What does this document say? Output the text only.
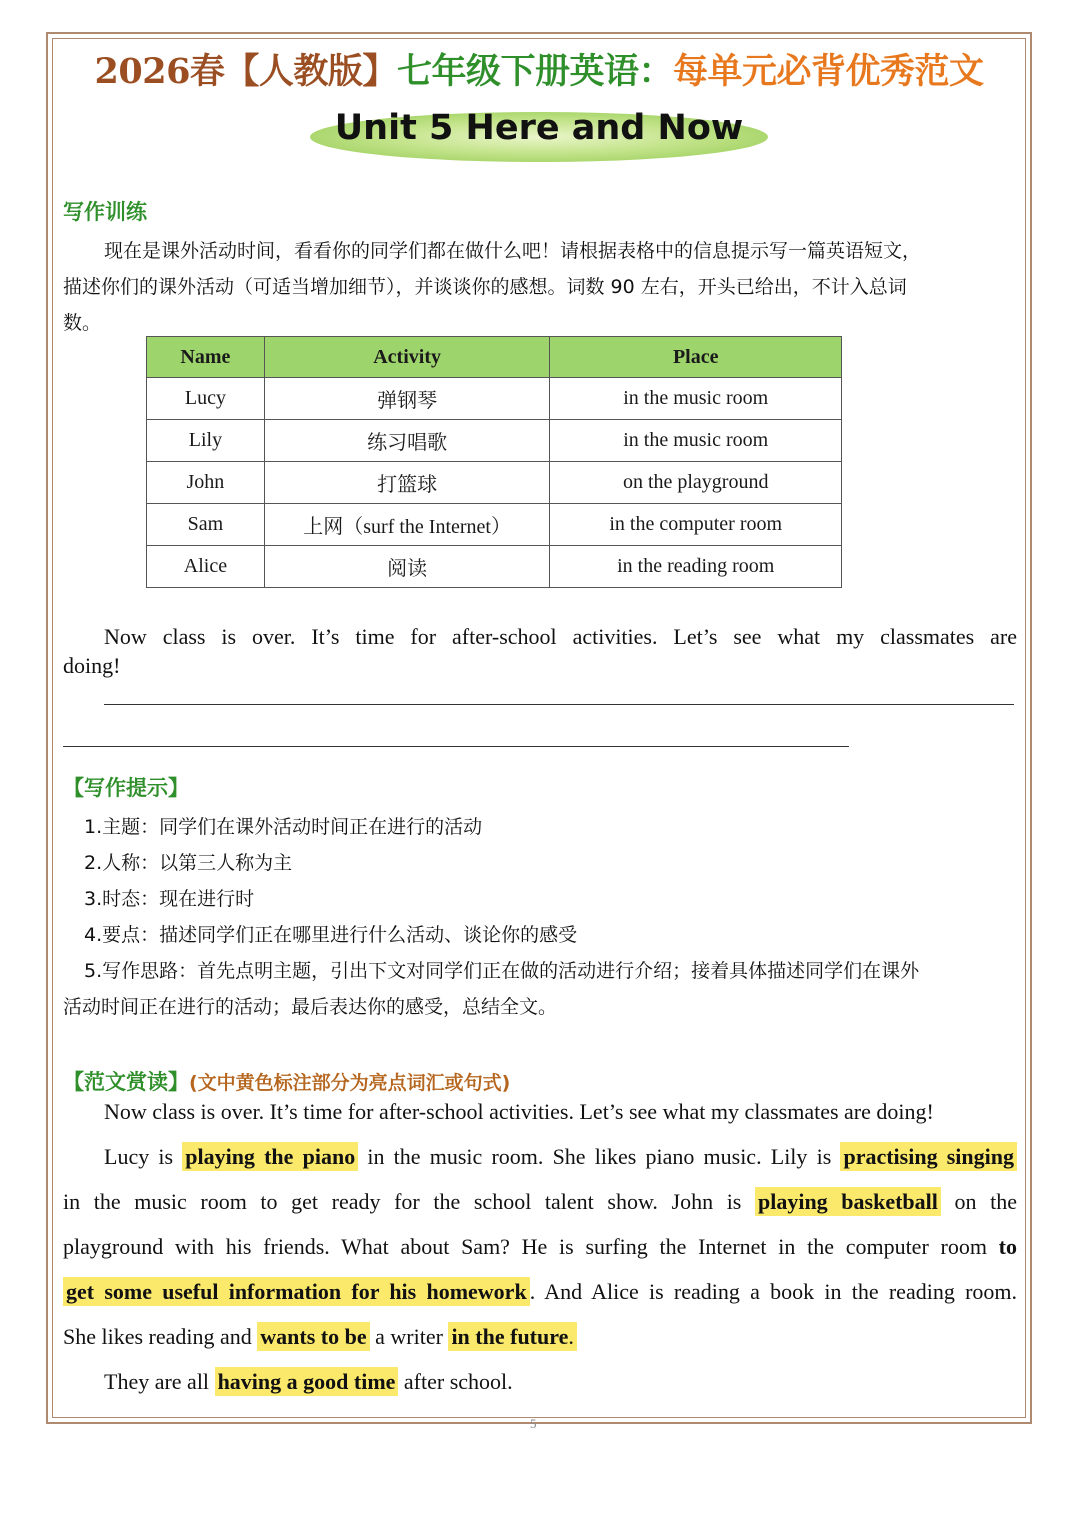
2026春【人教版】七年级下册英语：每单元必背优秀范文
Unit 5 Here and Now
写作训练
现在是课外活动时间，看看你的同学们都在做什么吧！请根据表格中的信息提示写一篇英语短文，
描述你们的课外活动（可适当增加细节），并谈谈你的感想。词数 90 左右，开头已给出，不计入总词
数。
Name	Activity	Place
Lucy	弹钢琴	in the music room
Lily	练习唱歌	in the music room
John	打篮球	on the playground
Sam	上网（surf the Internet）	in the computer room
Alice	阅读	in the reading room
Now class is over. It’s time for after-school activities. Let’s see what my classmates are
doing!
【写作提示】
1.主题：同学们在课外活动时间正在进行的活动
2.人称：以第三人称为主
3.时态：现在进行时
4.要点：描述同学们正在哪里进行什么活动、谈论你的感受
5.写作思路：首先点明主题，引出下文对同学们正在做的活动进行介绍；接着具体描述同学们在课外
活动时间正在进行的活动；最后表达你的感受，总结全文。
【范文赏读】(文中黄色标注部分为亮点词汇或句式)
Now class is over. It’s time for after-school activities. Let’s see what my classmates are doing!
Lucy is playing the piano in the music room. She likes piano music. Lily is practising singing
in the music room to get ready for the school talent show. John is playing basketball on the
playground with his friends. What about Sam? He is surfing the Internet in the computer room to
get some useful information for his homework . And Alice is reading a book in the reading room.
She likes reading and wants to be a writer in the future.
They are all having a good time after school.
5
